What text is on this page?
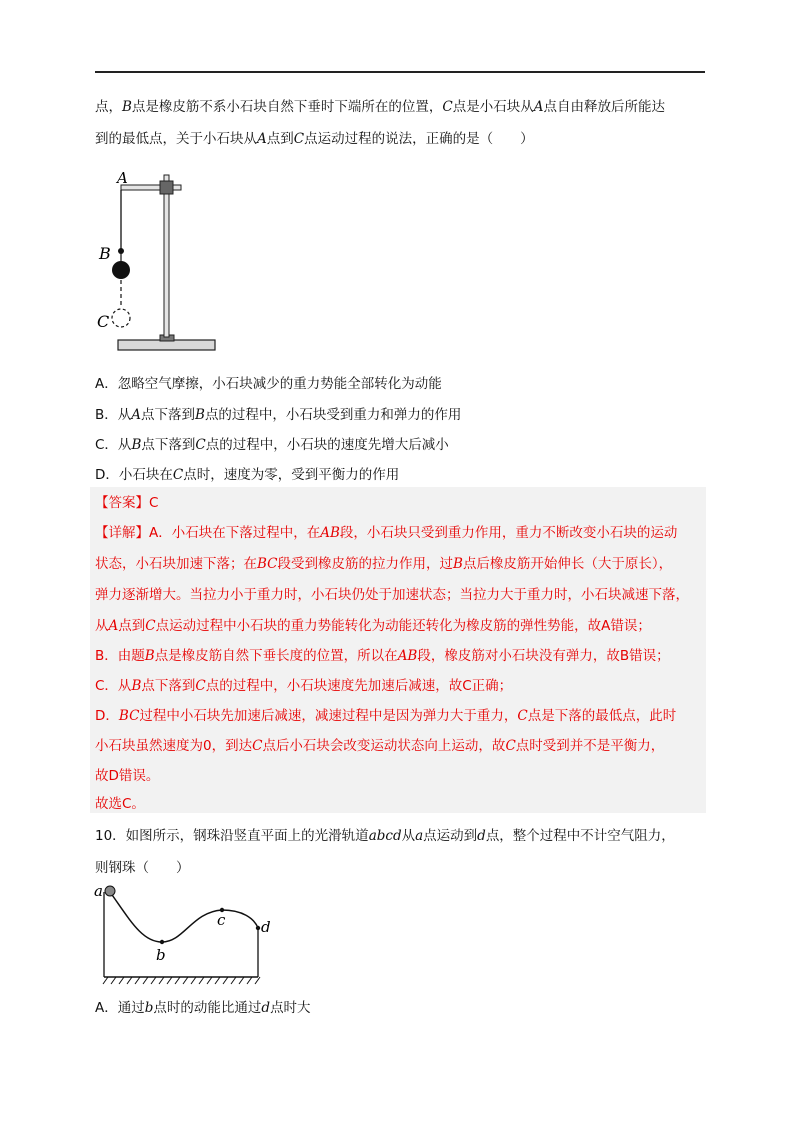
点，B点是橡皮筋不系小石块自然下垂时下端所在的位置，C点是小石块从A点自由释放后所能达

到的最低点，关于小石块从A点到C点运动过程的说法，正确的是（　　）

A
B
C

A．忽略空气摩擦，小石块减少的重力势能全部转化为动能

B．从A点下落到B点的过程中，小石块受到重力和弹力的作用

C．从B点下落到C点的过程中，小石块的速度先增大后减小

D．小石块在C点时，速度为零，受到平衡力的作用

【答案】C

【详解】A．小石块在下落过程中，在AB段，小石块只受到重力作用，重力不断改变小石块的运动

状态，小石块加速下落；在BC段受到橡皮筋的拉力作用，过B点后橡皮筋开始伸长（大于原长），

弹力逐渐增大。当拉力小于重力时，小石块仍处于加速状态；当拉力大于重力时，小石块减速下落，

从A点到C点运动过程中小石块的重力势能转化为动能还转化为橡皮筋的弹性势能，故A错误；

B．由题B点是橡皮筋自然下垂长度的位置，所以在AB段，橡皮筋对小石块没有弹力，故B错误；

C．从B点下落到C点的过程中，小石块速度先加速后减速，故C正确；

D．BC过程中小石块先加速后减速，减速过程中是因为弹力大于重力，C点是下落的最低点，此时

小石块虽然速度为0，到达C点后小石块会改变运动状态向上运动，故C点时受到并不是平衡力，

故D错误。

故选C。

10．如图所示，钢珠沿竖直平面上的光滑轨道abcd从a点运动到d点，整个过程中不计空气阻力，

则钢珠（　　）

a
b
c d

A．通过b点时的动能比通过d点时大
